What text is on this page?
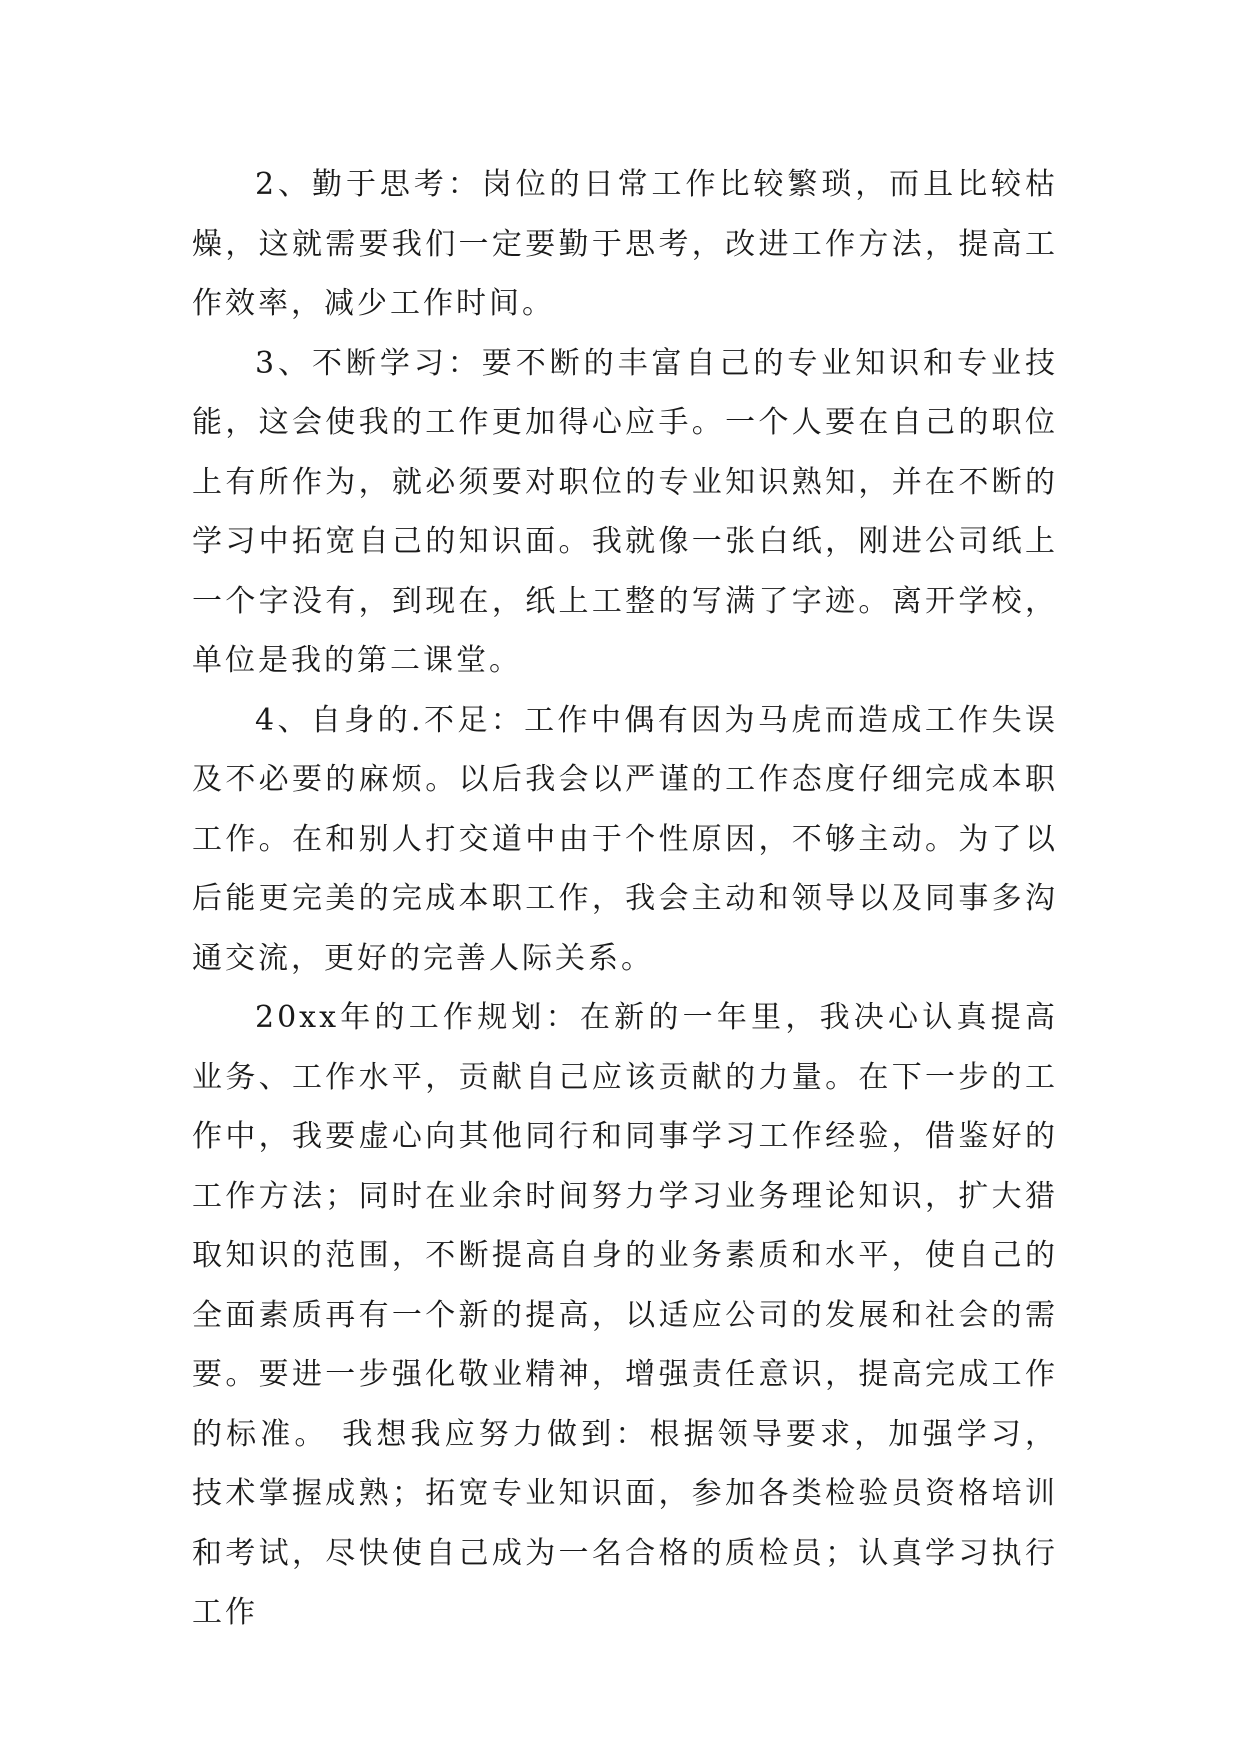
2、勤于思考：岗位的日常工作比较繁琐，而且比较枯燥，这就需要我们一定要勤于思考，改进工作方法，提高工作效率，减少工作时间。

3、不断学习：要不断的丰富自己的专业知识和专业技能，这会使我的工作更加得心应手。一个人要在自己的职位上有所作为，就必须要对职位的专业知识熟知，并在不断的学习中拓宽自己的知识面。我就像一张白纸，刚进公司纸上一个字没有，到现在，纸上工整的写满了字迹。离开学校，单位是我的第二课堂。

4、自身的.不足：工作中偶有因为马虎而造成工作失误及不必要的麻烦。以后我会以严谨的工作态度仔细完成本职工作。在和别人打交道中由于个性原因，不够主动。为了以后能更完美的完成本职工作，我会主动和领导以及同事多沟通交流，更好的完善人际关系。

20xx年的工作规划：在新的一年里，我决心认真提高业务、工作水平，贡献自己应该贡献的力量。在下一步的工作中，我要虚心向其他同行和同事学习工作经验，借鉴好的工作方法；同时在业余时间努力学习业务理论知识，扩大猎取知识的范围，不断提高自身的业务素质和水平，使自己的全面素质再有一个新的提高，以适应公司的发展和社会的需要。要进一步强化敬业精神，增强责任意识，提高完成工作的标准。 我想我应努力做到：根据领导要求，加强学习，技术掌握成熟；拓宽专业知识面，参加各类检验员资格培训和考试，尽快使自己成为一名合格的质检员；认真学习执行工作
